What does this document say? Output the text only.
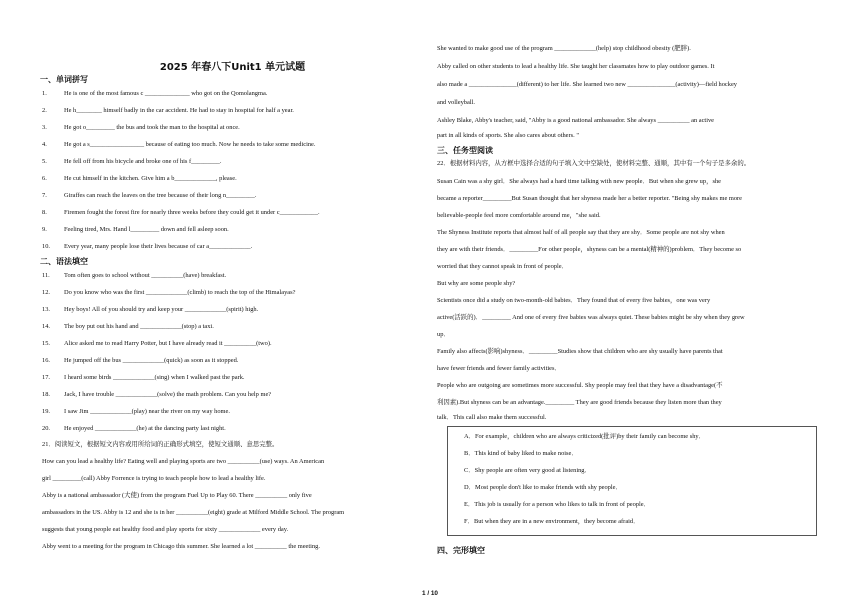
2025 年春八下Unit1 单元试题
一、单词拼写
1.	He is one of the most famous c ______________ who got on the Qomolangma.
2.	He h________ himself badly in the car accident. He had to stay in hospital for half a year.
3.	He got o_________ the bus and took the man to the hospital at once.
4.	He got a s_________________ because of eating too much. Now he needs to take some medicine.
5.	He fell off from his bicycle and broke one of his f_________.
6.	He cut himself in the kitchen. Give him a b_____________, please.
7.	Giraffes can reach the leaves on the tree because of their long n_________.
8.	Firemen fought the forest fire for nearly three weeks before they could get it under c____________.
9.	Feeling tired, Mrs. Hand l_________ down and fell asleep soon.
10. Every year, many people lose their lives because of car a_____________.
二、语法填空
11. Tom often goes to school without __________(have) breakfast.
12. Do you know who was the first _____________(climb) to reach the top of the Himalayas?
13. Hey boys! All of you should try and keep your _____________(spirit) high.
14. The boy put out his hand and _____________(stop) a taxi.
15. Alice asked me to read Harry Potter, but I have already read it __________(two).
16. He jumped off the bus _____________(quick) as soon as it stopped.
17. I heard some birds _____________(sing) when I walked past the park.
18. Jack, I have trouble _____________(solve) the math problem. Can you help me?
19. I saw Jim _____________(play) near the river on my way home.
20. He enjoyed _____________(he) at the dancing party last night.
21．阅读短文，根据短文内容或用所给词的正确形式填空，使短文通顺、意思完整。
How can you lead a healthy life? Eating well and playing sports are two __________(use) ways. An American
girl _________(call) Abby Forrence is trying to teach people how to lead a healthy life.
Abby is a national ambassador (大使) from the program Fuel Up to Play 60. There __________ only five
ambassadors in the US. Abby is 12 and she is in her __________(eight) grade at Milford Middle School. The program
suggests that young people eat healthy food and play sports for sixty _____________ every day.
Abby went to a meeting for the program in Chicago this summer. She learned a lot __________ the meeting.
She wanted to make good use of the program _____________(help) stop childhood obesity (肥胖).
Abby called on other students to lead a healthy life. She taught her classmates how to play outdoor games. It
also made a _______________(different) to her life. She learned two new _______________(activity)—field hockey
and volleyball.
Ashley Blake, Abby's teacher, said, "Abby is a good national ambassador. She always __________ an active
part in all kinds of sports. She also cares about others. "
三、任务型阅读
22．根据材料内容，从方框中选择合适的句子填入文中空缺处，使材料完整、通顺，其中有一个句子是多余的。
Susan Cain was a shy girl．She always had a hard time talking with new people．But when she grew up，she
became a reporter_________But Susan thought that her shyness made her a better reporter. "Being shy makes me more
believable-people feel more comfortable around me，"she said.
The Shyness Institute reports that almost half of all people say that they are shy．Some people are not shy when
they are with their friends．_________For other people，shyness can be a mental(精神的)problem．They become so
worried that they cannot speak in front of people．
But why are some people shy?
Scientists once did a study on two-month-old babies．They found that of every five babies，one was very
active(活跃的)．_________ And one of every five babies was always quiet. These babies might be shy when they grew
up．
Family also affects(影响)shyness．_________Studies show that children who are shy usually have parents that
have fewer friends and fewer family activities．
People who are outgoing are sometimes more successful. Shy people may feel that they have a disadvantage(不
利因素).But shyness can be an advantage._________ They are good friends because they listen more than they
talk．This call also make them successful.
A．For example，children who are always criticized(批评)by their family can become shy．
B．This kind of baby liked to make noise．
C．Shy people are often very good at listening．
D．Most people don't like to make friends with shy people．
E．This job is usually for a person who likes to talk in front of people．
F．But when they are in a new environment，they become afraid．
四、完形填空
1 / 10
